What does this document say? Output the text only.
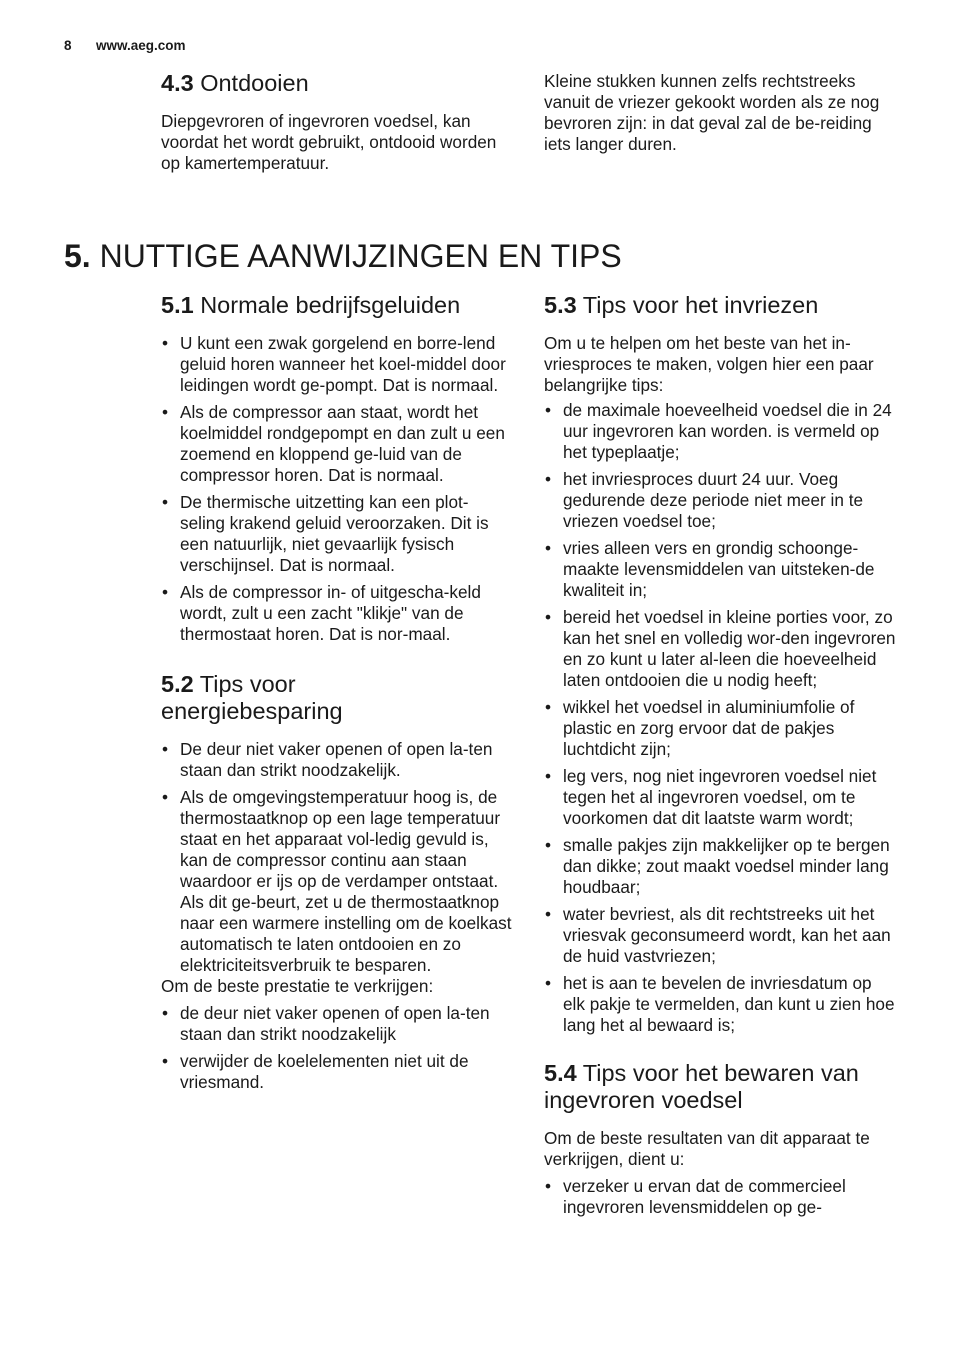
8 www.aeg.com
4.3 Ontdooien

Diepgevroren of ingevroren voedsel, kan voordat het wordt gebruikt, ontdooid worden op kamertemperatuur.

Kleine stukken kunnen zelfs rechtstreeks vanuit de vriezer gekookt worden als ze nog bevroren zijn: in dat geval zal de be-reiding iets langer duren.

5. NUTTIGE AANWIJZINGEN EN TIPS
5.1 Normale bedrijfsgeluiden
• U kunt een zwak gorgelend en borre-lend geluid horen wanneer het koel-middel door leidingen wordt ge-pompt. Dat is normaal.
• Als de compressor aan staat, wordt het koelmiddel rondgepompt en dan zult u een zoemend en kloppend ge-luid van de compressor horen. Dat is normaal.
• De thermische uitzetting kan een plot-seling krakend geluid veroorzaken. Dit is een natuurlijk, niet gevaarlijk fysisch verschijnsel. Dat is normaal.
• Als de compressor in- of uitgescha-keld wordt, zult u een zacht "klikje" van de thermostaat horen. Dat is nor-maal.
5.2 Tips voor
energiebesparing
• De deur niet vaker openen of open la-ten staan dan strikt noodzakelijk.
• Als de omgevingstemperatuur hoog is, de thermostaatknop op een lage temperatuur staat en het apparaat vol-ledig gevuld is, kan de compressor continu aan staan waardoor er ijs op de verdamper ontstaat. Als dit ge-beurt, zet u de thermostaatknop naar een warmere instelling om de koelkast automatisch te laten ontdooien en zo elektriciteitsverbruik te besparen.

Om de beste prestatie te verkrijgen:

• de deur niet vaker openen of open la-ten staan dan strikt noodzakelijk
• verwijder de koelelementen niet uit de vriesmand.
5.3 Tips voor het invriezen

Om u te helpen om het beste van het in-vriesproces te maken, volgen hier een paar belangrijke tips:

• de maximale hoeveelheid voedsel die in 24 uur ingevroren kan worden. is vermeld op het typeplaatje;
• het invriesproces duurt 24 uur. Voeg gedurende deze periode niet meer in te vriezen voedsel toe;
• vries alleen vers en grondig schoonge-maakte levensmiddelen van uitsteken-de kwaliteit in;
• bereid het voedsel in kleine porties voor, zo kan het snel en volledig wor-den ingevroren en zo kunt u later al-leen die hoeveelheid laten ontdooien die u nodig heeft;
• wikkel het voedsel in aluminiumfolie of plastic en zorg ervoor dat de pakjes luchtdicht zijn;
• leg vers, nog niet ingevroren voedsel niet tegen het al ingevroren voedsel, om te voorkomen dat dit laatste warm wordt;
• smalle pakjes zijn makkelijker op te bergen dan dikke; zout maakt voedsel minder lang houdbaar;
• water bevriest, als dit rechtstreeks uit het vriesvak geconsumeerd wordt, kan het aan de huid vastvriezen;
• het is aan te bevelen de invriesdatum op elk pakje te vermelden, dan kunt u zien hoe lang het al bewaard is;
5.4 Tips voor het bewaren van
ingevroren voedsel

Om de beste resultaten van dit apparaat te verkrijgen, dient u:

• verzeker u ervan dat de commercieel ingevroren levensmiddelen op ge-
